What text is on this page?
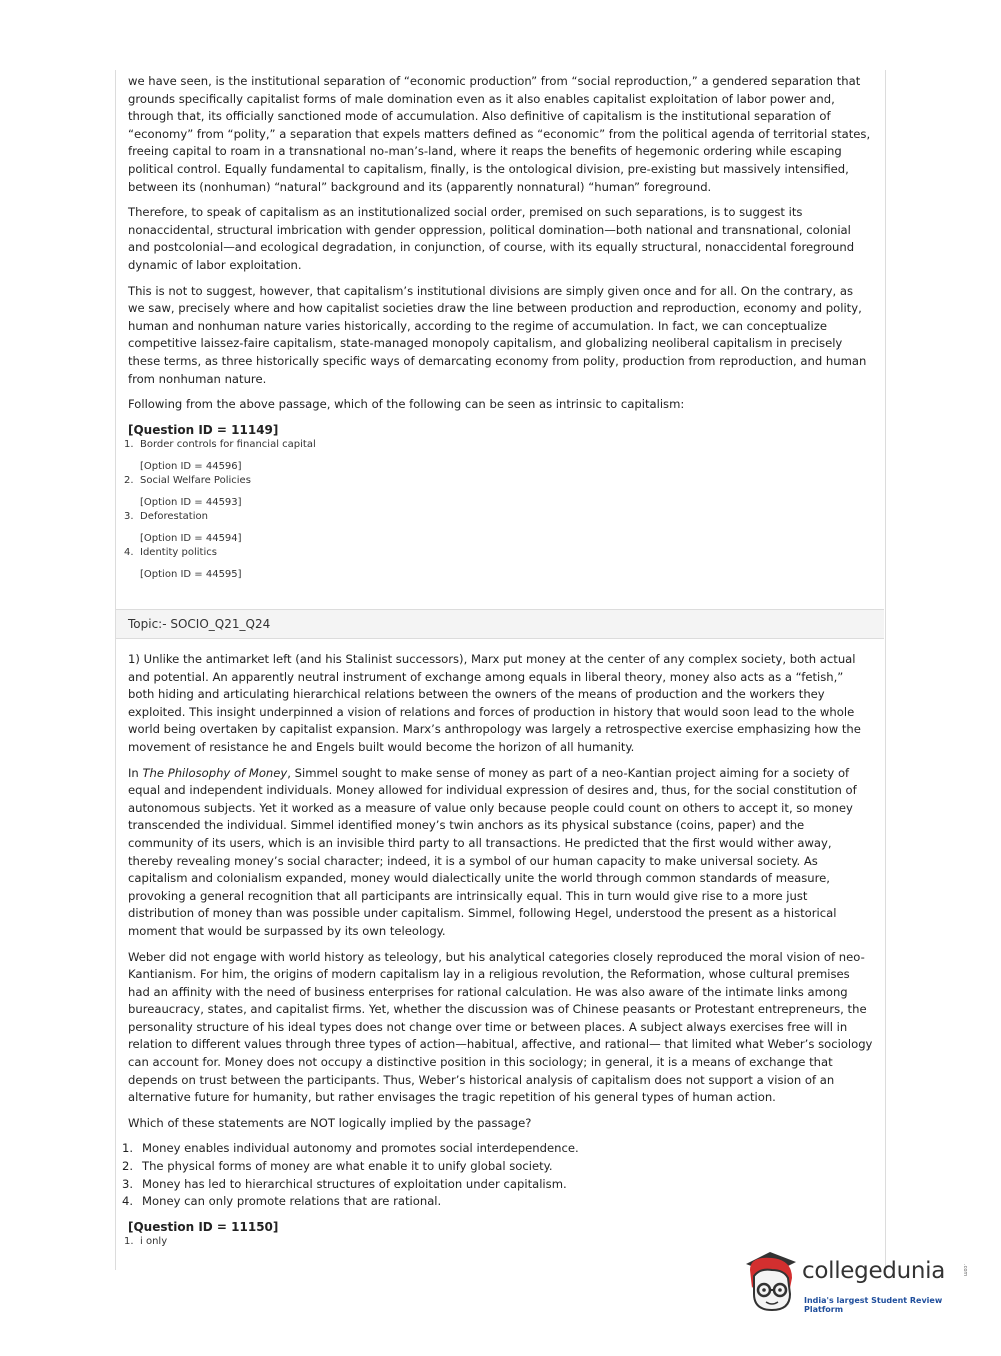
we have seen, is the institutional separation of “economic production” from “social reproduction,” a gendered separation that grounds specifically capitalist forms of male domination even as it also enables capitalist exploitation of labor power and, through that, its officially sanctioned mode of accumulation. Also definitive of capitalism is the institutional separation of “economy” from “polity,” a separation that expels matters defined as “economic” from the political agenda of territorial states, freeing capital to roam in a transnational no-man’s-land, where it reaps the benefits of hegemonic ordering while escaping political control. Equally fundamental to capitalism, finally, is the ontological division, pre-existing but massively intensified, between its (nonhuman) “natural” background and its (apparently nonnatural) “human” foreground.

Therefore, to speak of capitalism as an institutionalized social order, premised on such separations, is to suggest its nonaccidental, structural imbrication with gender oppression, political domination—both national and transnational, colonial and postcolonial—and ecological degradation, in conjunction, of course, with its equally structural, nonaccidental foreground dynamic of labor exploitation.

This is not to suggest, however, that capitalism’s institutional divisions are simply given once and for all. On the contrary, as we saw, precisely where and how capitalist societies draw the line between production and reproduction, economy and polity, human and nonhuman nature varies historically, according to the regime of accumulation. In fact, we can conceptualize competitive laissez-faire capitalism, state-managed monopoly capitalism, and globalizing neoliberal capitalism in precisely these terms, as three historically specific ways of demarcating economy from polity, production from reproduction, and human from nonhuman nature.

Following from the above passage, which of the following can be seen as intrinsic to capitalism:

[Question ID = 11149]

1. Border controls for financial capital
[Option ID = 44596]
2. Social Welfare Policies
[Option ID = 44593]
3. Deforestation
[Option ID = 44594]
4. Identity politics
[Option ID = 44595]
Topic:- SOCIO_Q21_Q24

1) Unlike the antimarket left (and his Stalinist successors), Marx put money at the center of any complex society, both actual and potential. An apparently neutral instrument of exchange among equals in liberal theory, money also acts as a “fetish,” both hiding and articulating hierarchical relations between the owners of the means of production and the workers they exploited. This insight underpinned a vision of relations and forces of production in history that would soon lead to the whole world being overtaken by capitalist expansion. Marx’s anthropology was largely a retrospective exercise emphasizing how the movement of resistance he and Engels built would become the horizon of all humanity.

In The Philosophy of Money, Simmel sought to make sense of money as part of a neo-Kantian project aiming for a society of equal and independent individuals. Money allowed for individual expression of desires and, thus, for the social constitution of autonomous subjects. Yet it worked as a measure of value only because people could count on others to accept it, so money transcended the individual. Simmel identified money’s twin anchors as its physical substance (coins, paper) and the community of its users, which is an invisible third party to all transactions. He predicted that the first would wither away, thereby revealing money’s social character; indeed, it is a symbol of our human capacity to make universal society. As capitalism and colonialism expanded, money would dialectically unite the world through common standards of measure, provoking a general recognition that all participants are intrinsically equal. This in turn would give rise to a more just distribution of money than was possible under capitalism. Simmel, following Hegel, understood the present as a historical moment that would be surpassed by its own teleology.

Weber did not engage with world history as teleology, but his analytical categories closely reproduced the moral vision of neo-Kantianism. For him, the origins of modern capitalism lay in a religious revolution, the Reformation, whose cultural premises had an affinity with the need of business enterprises for rational calculation. He was also aware of the intimate links among bureaucracy, states, and capitalist firms. Yet, whether the discussion was of Chinese peasants or Protestant entrepreneurs, the personality structure of his ideal types does not change over time or between places. A subject always exercises free will in relation to different values through three types of action—habitual, affective, and rational— that limited what Weber’s sociology can account for. Money does not occupy a distinctive position in this sociology; in general, it is a means of exchange that depends on trust between the participants. Thus, Weber’s historical analysis of capitalism does not support a vision of an alternative future for humanity, but rather envisages the tragic repetition of his general types of human action.

Which of these statements are NOT logically implied by the passage?

1. Money enables individual autonomy and promotes social interdependence.
2. The physical forms of money are what enable it to unify global society.
3. Money has led to hierarchical structures of exploitation under capitalism.
4. Money can only promote relations that are rational.

[Question ID = 11150]

1. i only
collegedunia	.com
India's largest Student Review Platform
